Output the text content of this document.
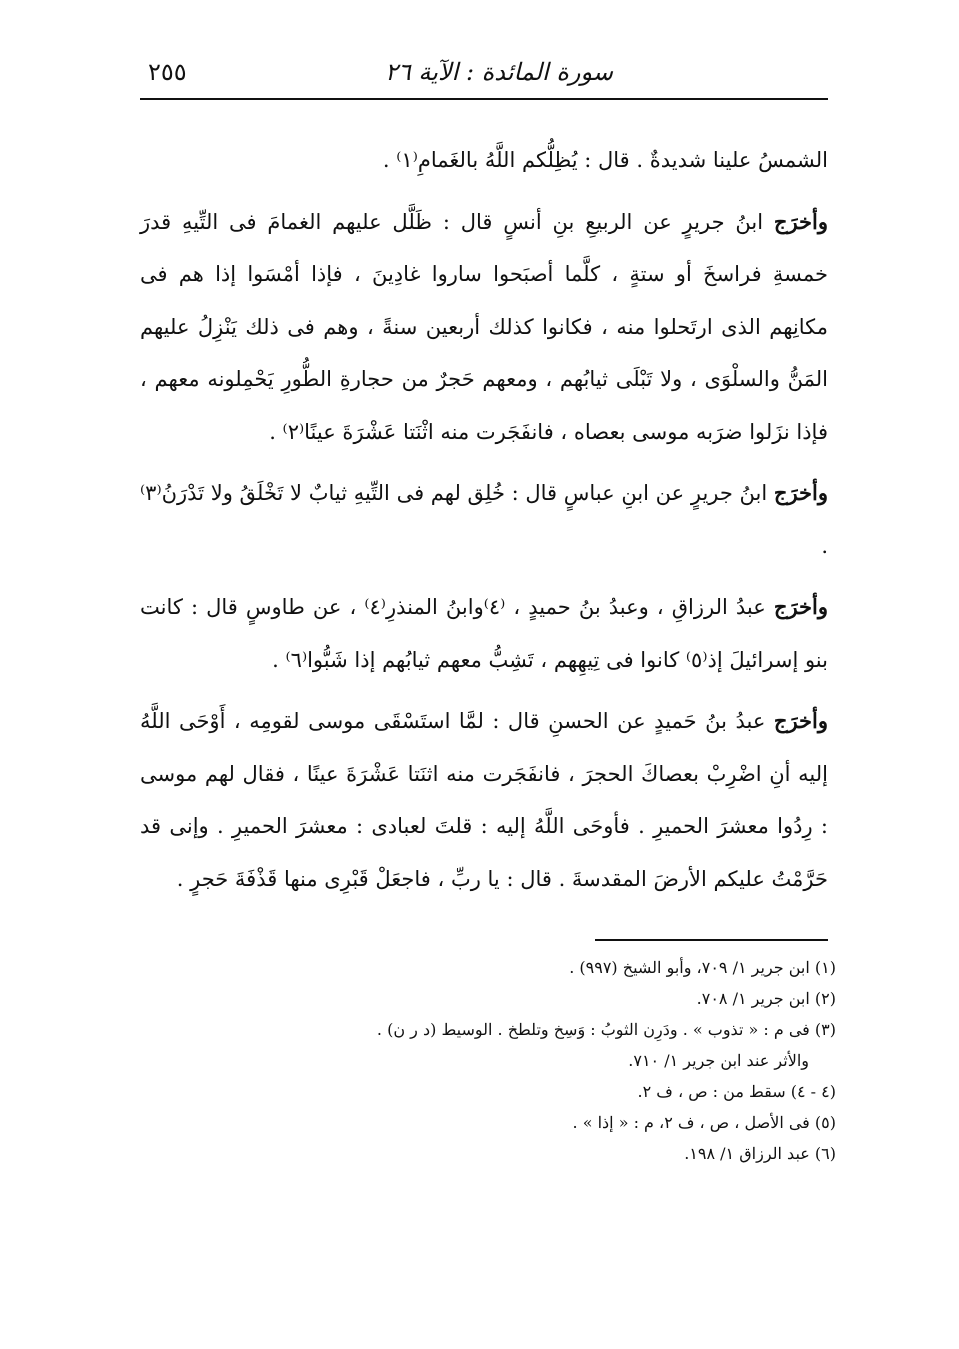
سورة المائدة : الآية ٢٦
٢٥٥

الشمسُ علينا شديدةٌ . قال : يُظِلُّكم اللَّهُ بالغَمامِ⁽١⁾ .

وأخرَج ابنُ جريرٍ عن الربيعِ بنِ أنسٍ قال : ظَلَّل عليهم الغمامَ فى التِّيهِ قدرَ خمسةِ فراسخَ أو ستةٍ ، كلَّما أصبَحوا ساروا غادِينَ ، فإذا أمْسَوا إذا هم فى مكانِهم الذى ارتَحلوا منه ، فكانوا كذلك أربعين سنةً ، وهم فى ذلك يَنْزِلُ عليهم المَنُّ والسلْوَى ، ولا تَبْلَى ثيابُهم ، ومعهم حَجرٌ من حجارةِ الطُّورِ يَحْمِلونه معهم ، فإذا نزَلوا ضرَبه موسى بعصاه ، فانفَجَرت منه اثْنَتا عَشْرَةَ عينًا⁽٢⁾ .

وأخرَج ابنُ جريرٍ عن ابنِ عباسٍ قال : خُلِق لهم فى التِّيهِ ثيابٌ لا تَخْلَقُ ولا تَدْرَنُ⁽٣⁾ .

وأخرَج عبدُ الرزاقِ ، وعبدُ بنُ حميدٍ ، ⁽٤⁾وابنُ المنذرِ⁽٤⁾ ، عن طاوسٍ قال : كانت بنو إسرائيلَ إذ⁽٥⁾ كانوا فى تِيهِهم ، تَشِبُّ معهم ثيابُهم إذا شَبُّوا⁽٦⁾ .

وأخرَج عبدُ بنُ حَميدٍ عن الحسنِ قال : لمَّا استَسْقَى موسى لقومِه ، أَوْحَى اللَّهُ إليه أنِ اضْرِبْ بعصاكَ الحجرَ ، فانفَجَرت منه اثنَتا عَشْرَةَ عينًا ، فقال لهم موسى : رِدُوا معشرَ الحميرِ . فأوحَى اللَّهُ إليه : قلتَ لعبادى : معشرَ الحميرِ . وإنى قد حَرَّمْتُ عليكم الأرضَ المقدسةَ . قال : يا ربِّ ، فاجعَلْ قَبْرِى منها قَذْفَةَ حَجرٍ .

(١) ابن جرير ١/ ٧٠٩، وأبو الشيخ (٩٩٧) .
(٢) ابن جرير ١/ ٧٠٨.
(٣) فى م : « تذوب » . ودَرِن الثوبُ : وَسِخ وتلطخ . الوسيط (د ر ن) .
والأثر عند ابن جرير ١/ ٧١٠.
(٤ - ٤) سقط من : ص ، ف ٢.
(٥) فى الأصل ، ص ، ف ٢، م : « إذا » .
(٦) عبد الرزاق ١/ ١٩٨.
